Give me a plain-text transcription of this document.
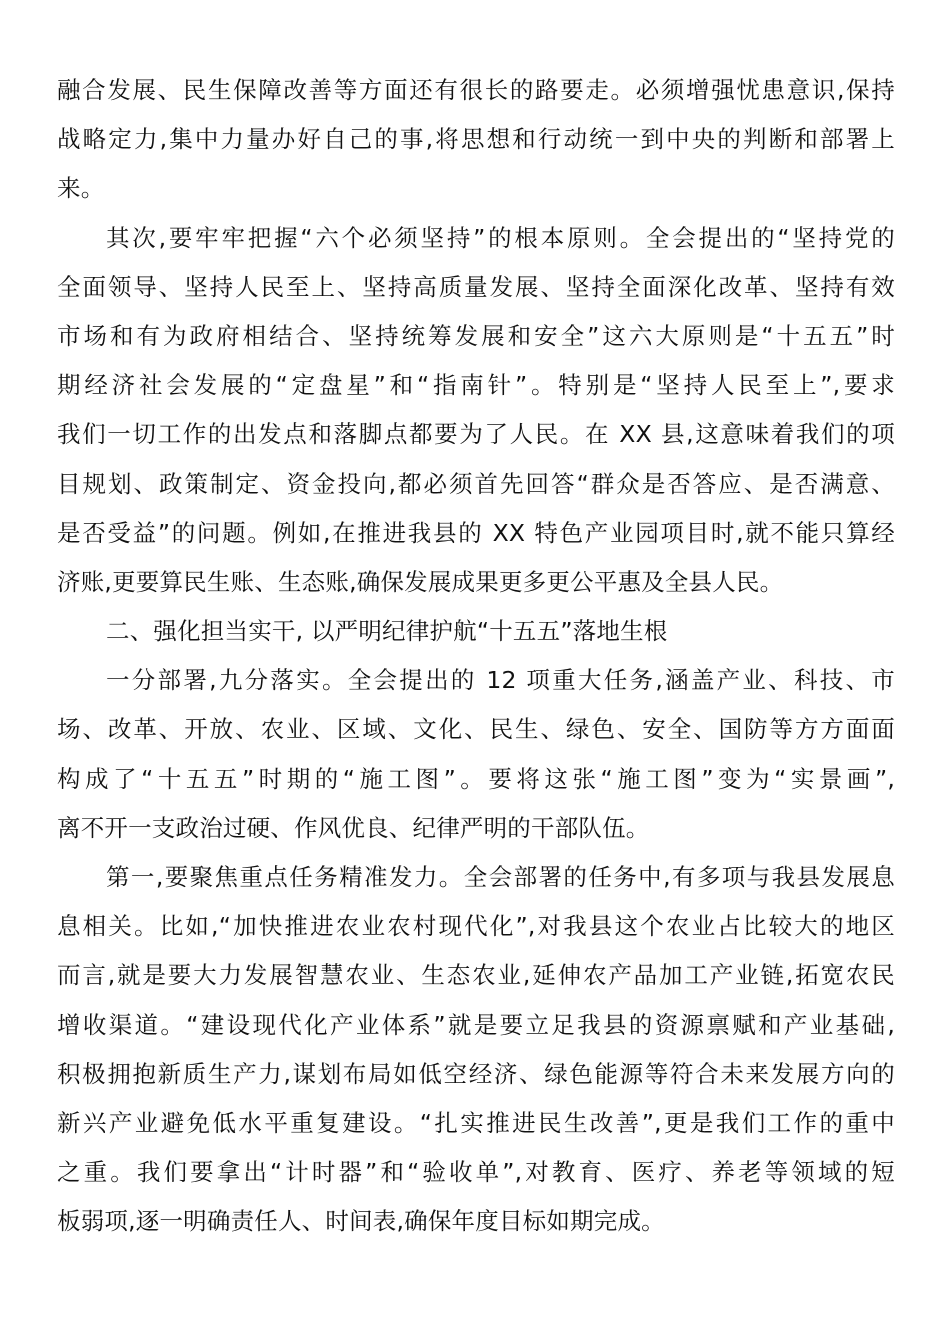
融合发展、民生保障改善等方面还有很长的路要走。必须增强忧患意识,保持
战略定力,集中力量办好自己的事,将思想和行动统一到中央的判断和部署上
来。
其次,要牢牢把握“六个必须坚持”的根本原则。全会提出的“坚持党的
全面领导、坚持人民至上、坚持高质量发展、坚持全面深化改革、坚持有效
市场和有为政府相结合、坚持统筹发展和安全”这六大原则是“十五五”时
期经济社会发展的“定盘星”和“指南针”。特别是“坚持人民至上”,要求
我们一切工作的出发点和落脚点都要为了人民。在 XX 县,这意味着我们的项
目规划、政策制定、资金投向,都必须首先回答“群众是否答应、是否满意、
是否受益”的问题。例如,在推进我县的 XX 特色产业园项目时,就不能只算经
济账,更要算民生账、生态账,确保发展成果更多更公平惠及全县人民。
二、强化担当实干, 以严明纪律护航“十五五”落地生根
一分部署,九分落实。全会提出的 12 项重大任务,涵盖产业、科技、市
场、改革、开放、农业、区域、文化、民生、绿色、安全、国防等方方面面
构成了“十五五”时期的“施工图”。要将这张“施工图”变为“实景画”,
离不开一支政治过硬、作风优良、纪律严明的干部队伍。
第一,要聚焦重点任务精准发力。全会部署的任务中,有多项与我县发展息
息相关。比如,“加快推进农业农村现代化”,对我县这个农业占比较大的地区
而言,就是要大力发展智慧农业、生态农业,延伸农产品加工产业链,拓宽农民
增收渠道。“建设现代化产业体系”就是要立足我县的资源禀赋和产业基础,
积极拥抱新质生产力,谋划布局如低空经济、绿色能源等符合未来发展方向的
新兴产业避免低水平重复建设。“扎实推进民生改善”,更是我们工作的重中
之重。我们要拿出“计时器”和“验收单”,对教育、医疗、养老等领域的短
板弱项,逐一明确责任人、时间表,确保年度目标如期完成。
